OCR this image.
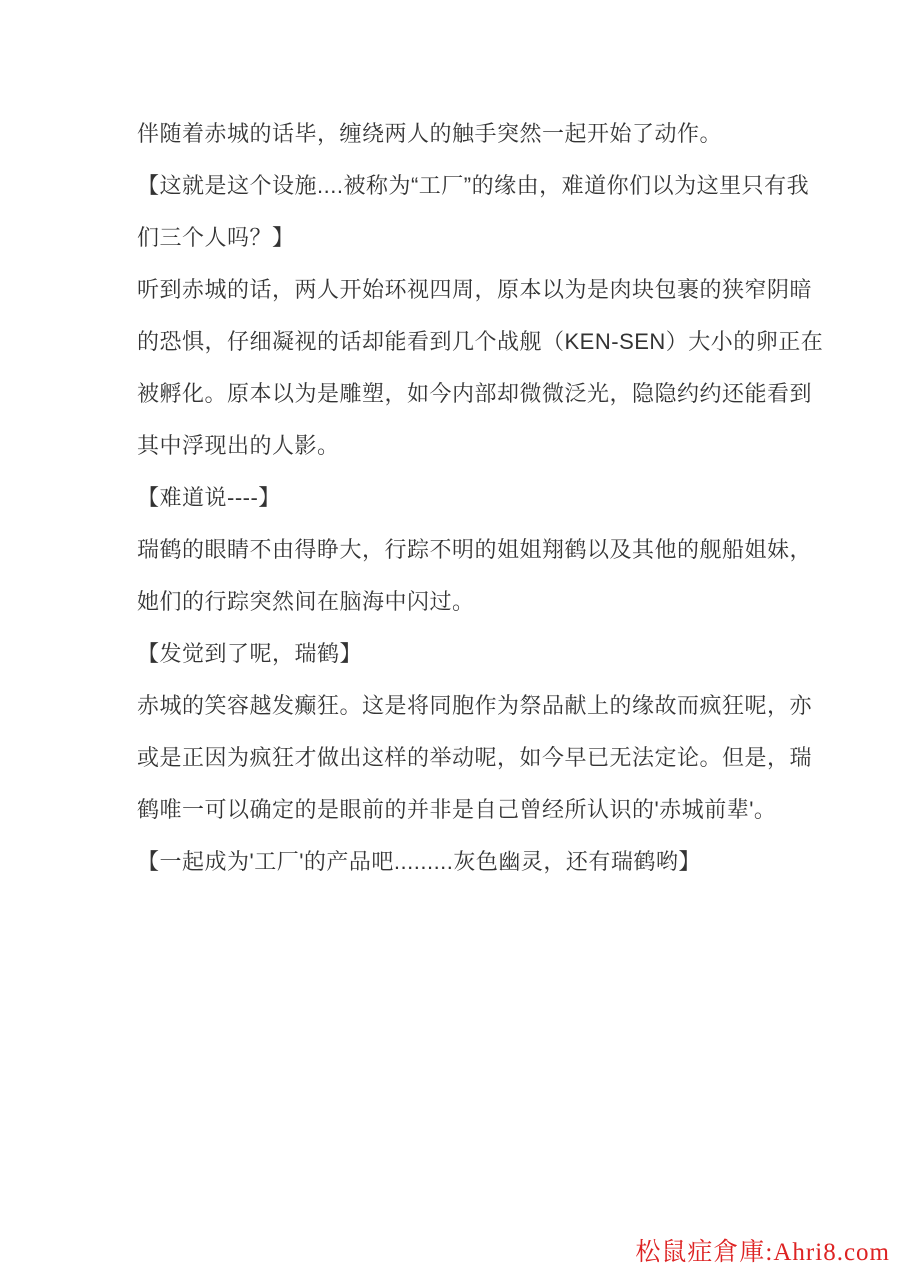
伴随着赤城的话毕，缠绕两人的触手突然一起开始了动作。

【这就是这个设施....被称为“工厂”的缘由，难道你们以为这里只有我

们三个人吗？】

听到赤城的话，两人开始环视四周，原本以为是肉块包裹的狭窄阴暗

的恐惧，仔细凝视的话却能看到几个战舰（KEN-SEN）大小的卵正在

被孵化。原本以为是雕塑，如今内部却微微泛光，隐隐约约还能看到

其中浮现出的人影。

【难道说----】

瑞鹤的眼睛不由得睁大，行踪不明的姐姐翔鹤以及其他的舰船姐妹，

她们的行踪突然间在脑海中闪过。

【发觉到了呢，瑞鹤】

赤城的笑容越发癫狂。这是将同胞作为祭品献上的缘故而疯狂呢，亦

或是正因为疯狂才做出这样的举动呢，如今早已无法定论。但是，瑞

鹤唯一可以确定的是眼前的并非是自己曾经所认识的'赤城前辈'。

【一起成为'工厂'的产品吧.........灰色幽灵，还有瑞鹤哟】

松鼠症倉庫:Ahri8.com
